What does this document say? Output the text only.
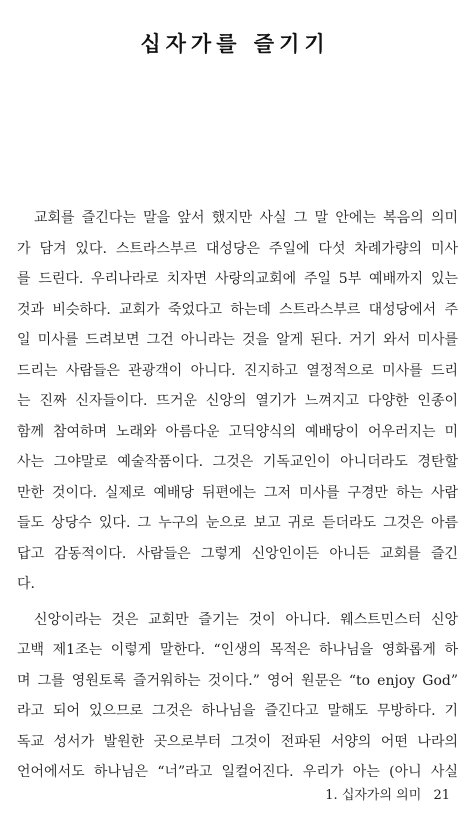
십자가를 즐기기
교회를 즐긴다는 말을 앞서 했지만 사실 그 말 안에는 복음의 의미
가 담겨 있다. 스트라스부르 대성당은 주일에 다섯 차례가량의 미사
를 드린다. 우리나라로 치자면 사랑의교회에 주일 5부 예배까지 있는
것과 비슷하다. 교회가 죽었다고 하는데 스트라스부르 대성당에서 주
일 미사를 드려보면 그건 아니라는 것을 알게 된다. 거기 와서 미사를
드리는 사람들은 관광객이 아니다. 진지하고 열정적으로 미사를 드리
는 진짜 신자들이다. 뜨거운 신앙의 열기가 느껴지고 다양한 인종이
함께 참여하며 노래와 아름다운 고딕양식의 예배당이 어우러지는 미
사는 그야말로 예술작품이다. 그것은 기독교인이 아니더라도 경탄할
만한 것이다. 실제로 예배당 뒤편에는 그저 미사를 구경만 하는 사람
들도 상당수 있다. 그 누구의 눈으로 보고 귀로 듣더라도 그것은 아름
답고 감동적이다. 사람들은 그렇게 신앙인이든 아니든 교회를 즐긴
다.
신앙이라는 것은 교회만 즐기는 것이 아니다. 웨스트민스터 신앙
고백 제1조는 이렇게 말한다. “인생의 목적은 하나님을 영화롭게 하
며 그를 영원토록 즐거워하는 것이다.” 영어 원문은 “to enjoy God”
라고 되어 있으므로 그것은 하나님을 즐긴다고 말해도 무방하다. 기
독교 성서가 발원한 곳으로부터 그것이 전파된 서양의 어떤 나라의
언어에서도 하나님은 “너”라고 일컬어진다. 우리가 아는 (아니 사실
1. 십자가의 의미 21
